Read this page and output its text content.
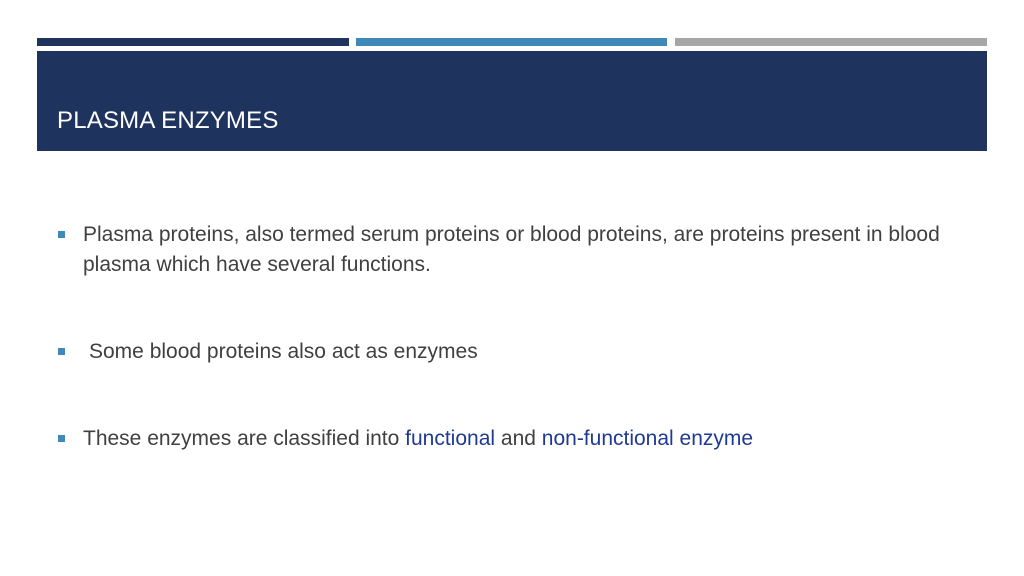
PLASMA ENZYMES
Plasma proteins, also termed serum proteins or blood proteins, are proteins present in blood plasma which have several functions.
Some blood proteins also act as enzymes
These enzymes are classified into functional and non-functional enzyme
